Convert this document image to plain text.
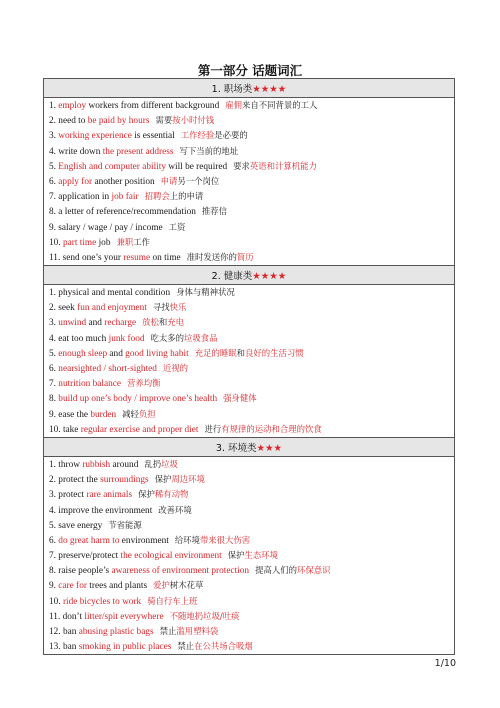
第一部分 话题词汇
1. 职场类★★★★

1. employ workers from different background 雇佣来自不同背景的工人
2. need to be paid by hours 需要按小时付钱
3. working experience is essential 工作经验是必要的
4. write down the present address 写下当前的地址
5. English and computer ability will be required 要求英语和计算机能力
6. apply for another position 申请另一个岗位
7. application in job fair 招聘会上的申请
8. a letter of reference/recommendation 推荐信
9. salary / wage / pay / income 工资
10. part time job 兼职工作
11. send one’s your resume on time 准时发送你的简历

2. 健康类★★★★

1. physical and mental condition 身体与精神状况
2. seek fun and enjoyment 寻找快乐
3. unwind and recharge 放松和充电
4. eat too much junk food 吃太多的垃圾食品
5. enough sleep and good living habit 充足的睡眠和良好的生活习惯
6. nearsighted / short-sighted 近视的
7. nutrition balance 营养均衡
8. build up one’s body / improve one’s health 强身健体
9. ease the burden 减轻负担
10. take regular exercise and proper diet 进行有规律的运动和合理的饮食

3. 环境类★★★

1. throw rubbish around 乱扔垃圾
2. protect the surroundings 保护周边环境
3. protect rare animals 保护稀有动物
4. improve the environment 改善环境
5. save energy 节省能源
6. do great harm to environment 给环境带来很大伤害
7. preserve/protect the ecological environment 保护生态环境
8. raise people’s awareness of environment protection 提高人们的环保意识
9. care for trees and plants 爱护树木花草
10. ride bicycles to work 骑自行车上班
11. don’t litter/spit everywhere 不随地扔垃圾/吐痰
12. ban abusing plastic bags 禁止滥用塑料袋
13. ban smoking in public places 禁止在公共场合吸烟
1/10
